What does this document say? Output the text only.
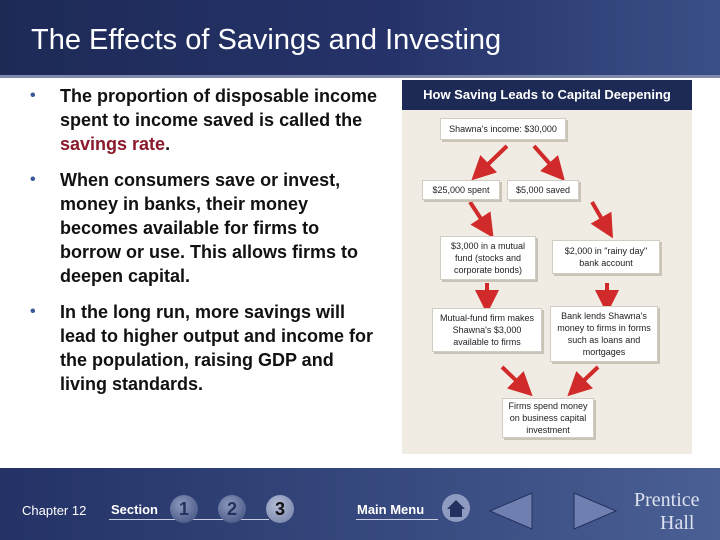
The Effects of Savings and Investing
• The proportion of disposable income spent to income saved is called the savings rate.
• When consumers save or invest, money in banks, their money becomes available for firms to borrow or use. This allows firms to deepen capital.
• In the long run, more savings will lead to higher output and income for the population, raising GDP and living standards.
How Saving Leads to Capital Deepening
Shawna's income: $30,000
$25,000 spent	$5,000 saved
$3,000 in a mutual fund (stocks and corporate bonds)
$2,000 in "rainy day" bank account
Mutual-fund firm makes Shawna's $3,000 available to firms
Bank lends Shawna's money to firms in forms such as loans and mortgages
Firms spend money on business capital investment
Chapter 12 Section	1	2	3	Main Menu	Prentice
Hall
